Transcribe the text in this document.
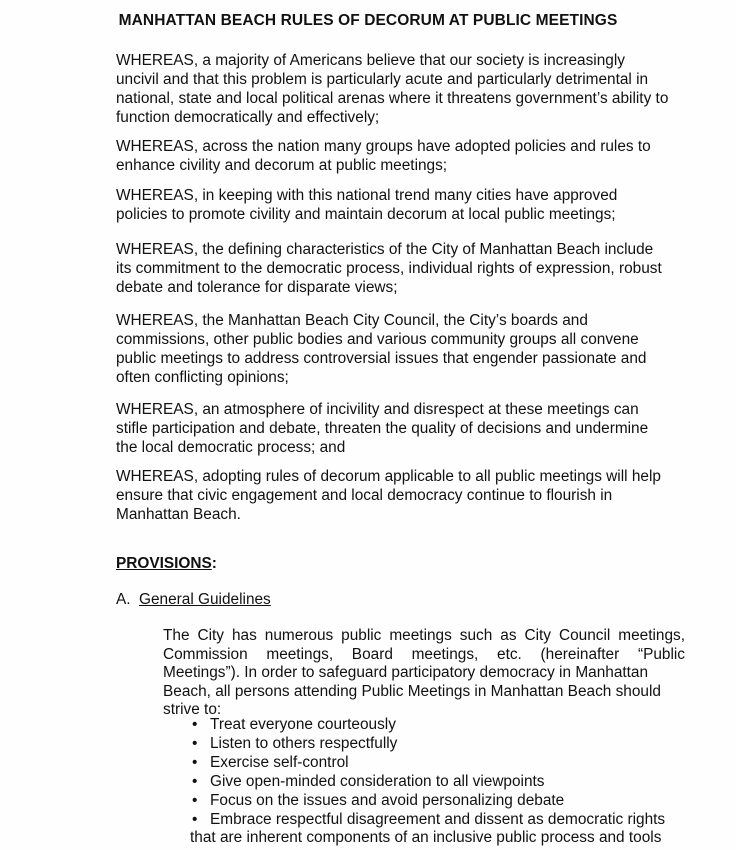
MANHATTAN BEACH RULES OF DECORUM AT PUBLIC MEETINGS
WHEREAS, a majority of Americans believe that our society is increasingly
uncivil and that this problem is particularly acute and particularly detrimental in
national, state and local political arenas where it threatens government’s ability to
function democratically and effectively;
WHEREAS, across the nation many groups have adopted policies and rules to
enhance civility and decorum at public meetings;
WHEREAS, in keeping with this national trend many cities have approved
policies to promote civility and maintain decorum at local public meetings;
WHEREAS, the defining characteristics of the City of Manhattan Beach include
its commitment to the democratic process, individual rights of expression, robust
debate and tolerance for disparate views;
WHEREAS, the Manhattan Beach City Council, the City’s boards and
commissions, other public bodies and various community groups all convene
public meetings to address controversial issues that engender passionate and
often conflicting opinions;
WHEREAS, an atmosphere of incivility and disrespect at these meetings can
stifle participation and debate, threaten the quality of decisions and undermine
the local democratic process; and
WHEREAS, adopting rules of decorum applicable to all public meetings will help
ensure that civic engagement and local democracy continue to flourish in
Manhattan Beach.
PROVISIONS:
A. General Guidelines
The City has numerous public meetings such as City Council meetings,
Commission meetings, Board meetings, etc. (hereinafter “Public
Meetings”). In order to safeguard participatory democracy in Manhattan
Beach, all persons attending Public Meetings in Manhattan Beach should
strive to:
• Treat everyone courteously
• Listen to others respectfully
• Exercise self-control
• Give open-minded consideration to all viewpoints
• Focus on the issues and avoid personalizing debate
• Embrace respectful disagreement and dissent as democratic rights
that are inherent components of an inclusive public process and tools
